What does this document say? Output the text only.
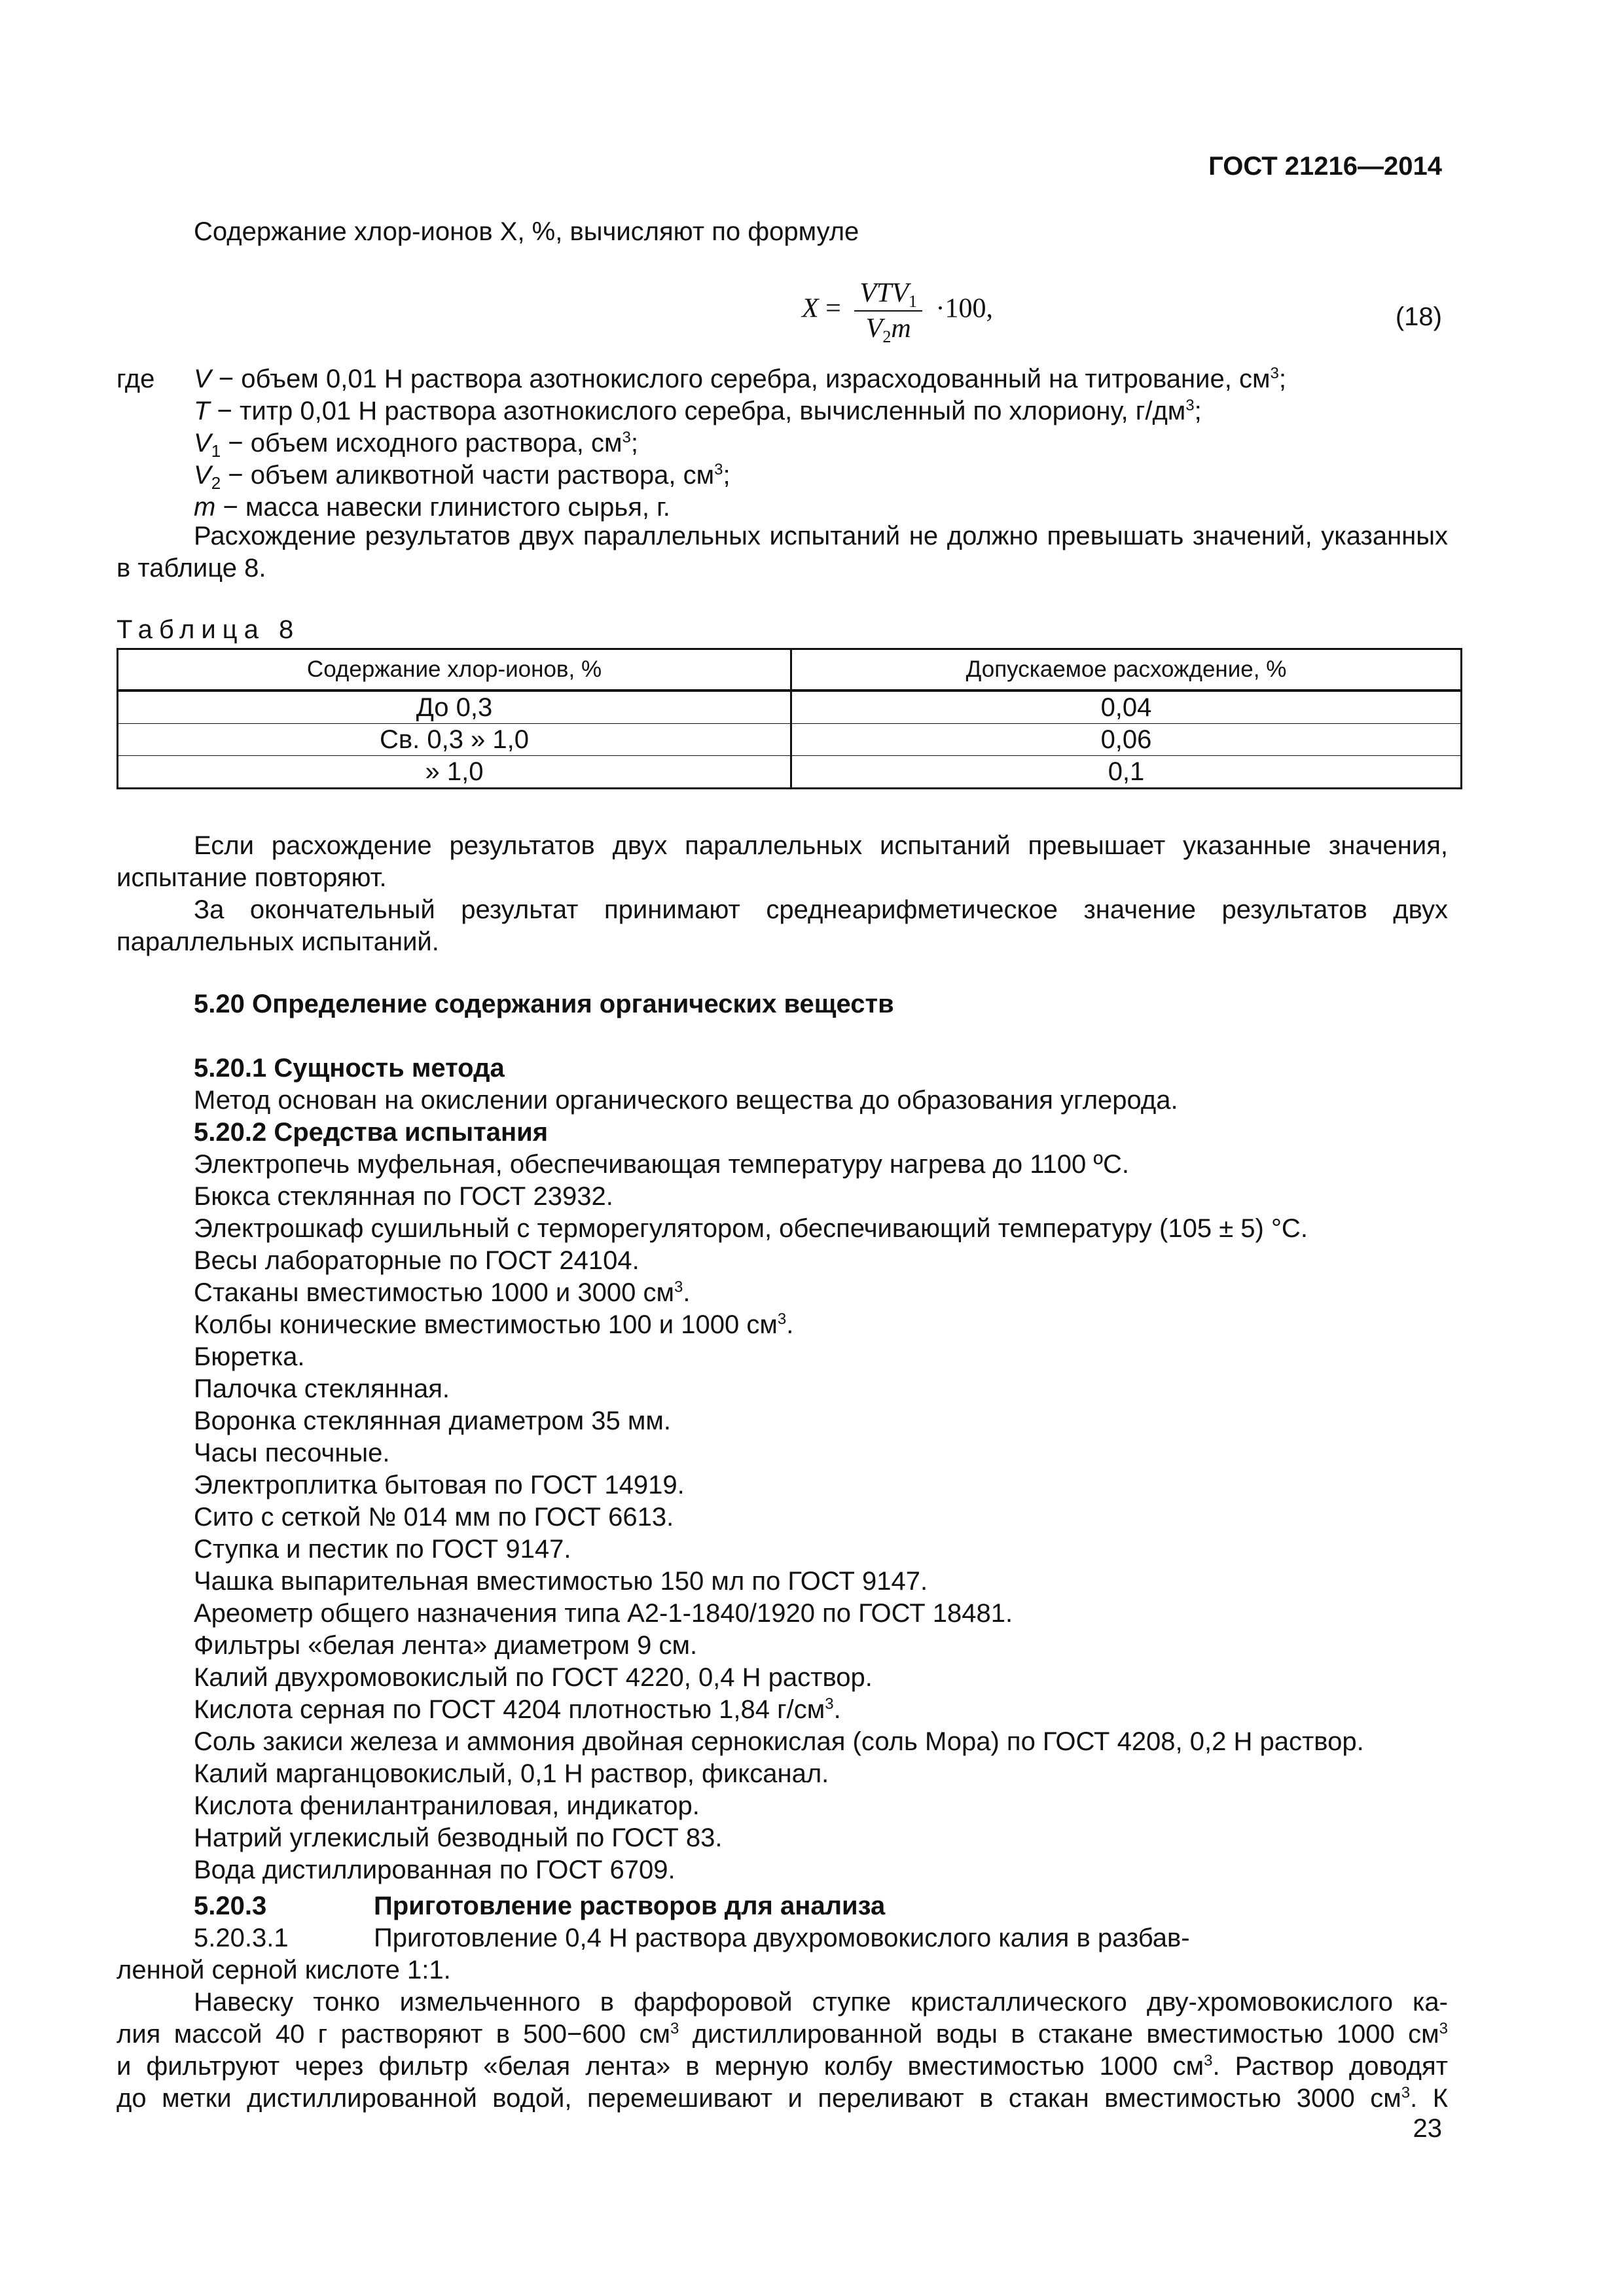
ГОСТ 21216—2014
Содержание хлор-ионов X, %, вычисляют по формуле
$X = \frac{VTV_1}{V_2m} \cdot 100$,	(18)
где V − объем 0,01 Н раствора азотнокислого серебра, израсходованный на титрование, $см^3$;
T − титр 0,01 Н раствора азотнокислого серебра, вычисленный по хлориону, $г/дм^3$;
$V_1$ − объем исходного раствора, $см^3$;
$V_2$ − объем аликвотной части раствора, $см^3$;
m − масса навески глинистого сырья, г.
Расхождение результатов двух параллельных испытаний не должно превышать значений, указанных в таблице 8.
Таблица 8
Содержание хлор-ионов, %	Допускаемое расхождение, %
До 0,3	0,04
Св. 0,3 » 1,0	0,06
» 1,0	0,1
Если расхождение результатов двух параллельных испытаний превышает указанные значения, испытание повторяют.
За окончательный результат принимают среднеарифметическое значение результатов двух параллельных испытаний.
5.20 Определение содержания органических веществ
5.20.1 Сущность метода
Метод основан на окислении органического вещества до образования углерода.
5.20.2 Средства испытания
Электропечь муфельная, обеспечивающая температуру нагрева до 1100 ºС.
Бюкса стеклянная по ГОСТ 23932.
Электрошкаф сушильный с терморегулятором, обеспечивающий температуру (105 ± 5) °С.
Весы лабораторные по ГОСТ 24104.
Стаканы вместимостью 1000 и 3000 $см^3$.
Колбы конические вместимостью 100 и 1000 $см^3$.
Бюретка.
Палочка стеклянная.
Воронка стеклянная диаметром 35 мм.
Часы песочные.
Электроплитка бытовая по ГОСТ 14919.
Сито с сеткой № 014 мм по ГОСТ 6613.
Ступка и пестик по ГОСТ 9147.
Чашка выпарительная вместимостью 150 мл по ГОСТ 9147.
Ареометр общего назначения типа А2-1-1840/1920 по ГОСТ 18481.
Фильтры «белая лента» диаметром 9 см.
Калий двухромовокислый по ГОСТ 4220, 0,4 Н раствор.
Кислота серная по ГОСТ 4204 плотностью 1,84 $г/см^3$.
Соль закиси железа и аммония двойная сернокислая (соль Мора) по ГОСТ 4208, 0,2 Н раствор.
Калий марганцовокислый, 0,1 Н раствор, фиксанал.
Кислота фенилантраниловая, индикатор.
Натрий углекислый безводный по ГОСТ 83.
Вода дистиллированная по ГОСТ 6709.
5.20.3	Приготовление растворов для анализа
5.20.3.1	Приготовление 0,4 Н раствора двухромовокислого калия в разбав-
ленной серной кислоте 1:1.
Навеску тонко измельченного в фарфоровой ступке кристаллического дву-хромовокислого ка-
лия массой 40 г растворяют в 500−600 $см^3$ дистиллированной воды в стакане вместимостью 1000 $см^3$
и фильтруют через фильтр «белая лента» в мерную колбу вместимостью 1000 $см^3$. Раствор доводят
до метки дистиллированной водой, перемешивают и переливают в стакан вместимостью 3000 $см^3$. К
23
